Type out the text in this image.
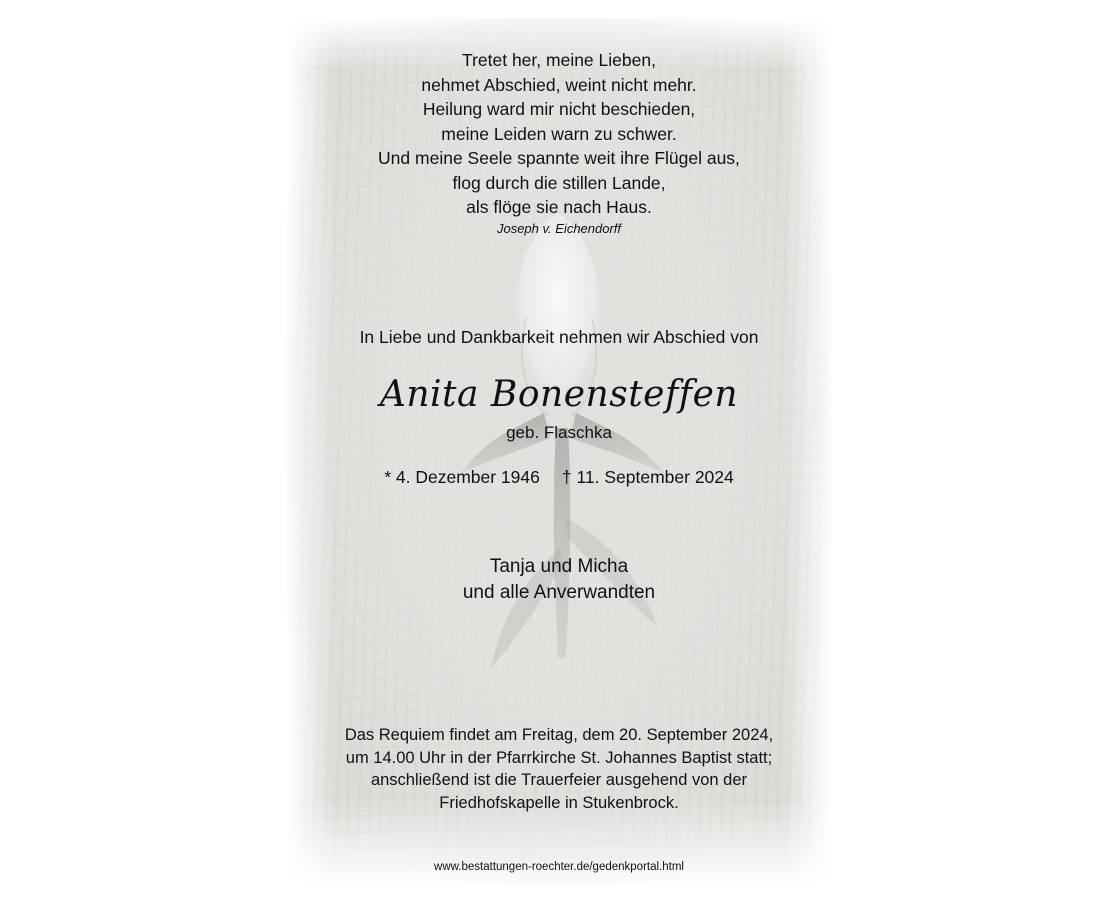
Tretet her, meine Lieben,
nehmet Abschied, weint nicht mehr.
Heilung ward mir nicht beschieden,
meine Leiden warn zu schwer.
Und meine Seele spannte weit ihre Flügel aus,
flog durch die stillen Lande,
als flöge sie nach Haus.
Joseph v. Eichendorff
In Liebe und Dankbarkeit nehmen wir Abschied von
Anita Bonensteffen
geb. Flaschka
* 4. Dezember 1946 † 11. September 2024
Tanja und Micha
und alle Anverwandten
Das Requiem findet am Freitag, dem 20. September 2024,
um 14.00 Uhr in der Pfarrkirche St. Johannes Baptist statt;
anschließend ist die Trauerfeier ausgehend von der
Friedhofskapelle in Stukenbrock.
www.bestattungen-roechter.de/gedenkportal.html
